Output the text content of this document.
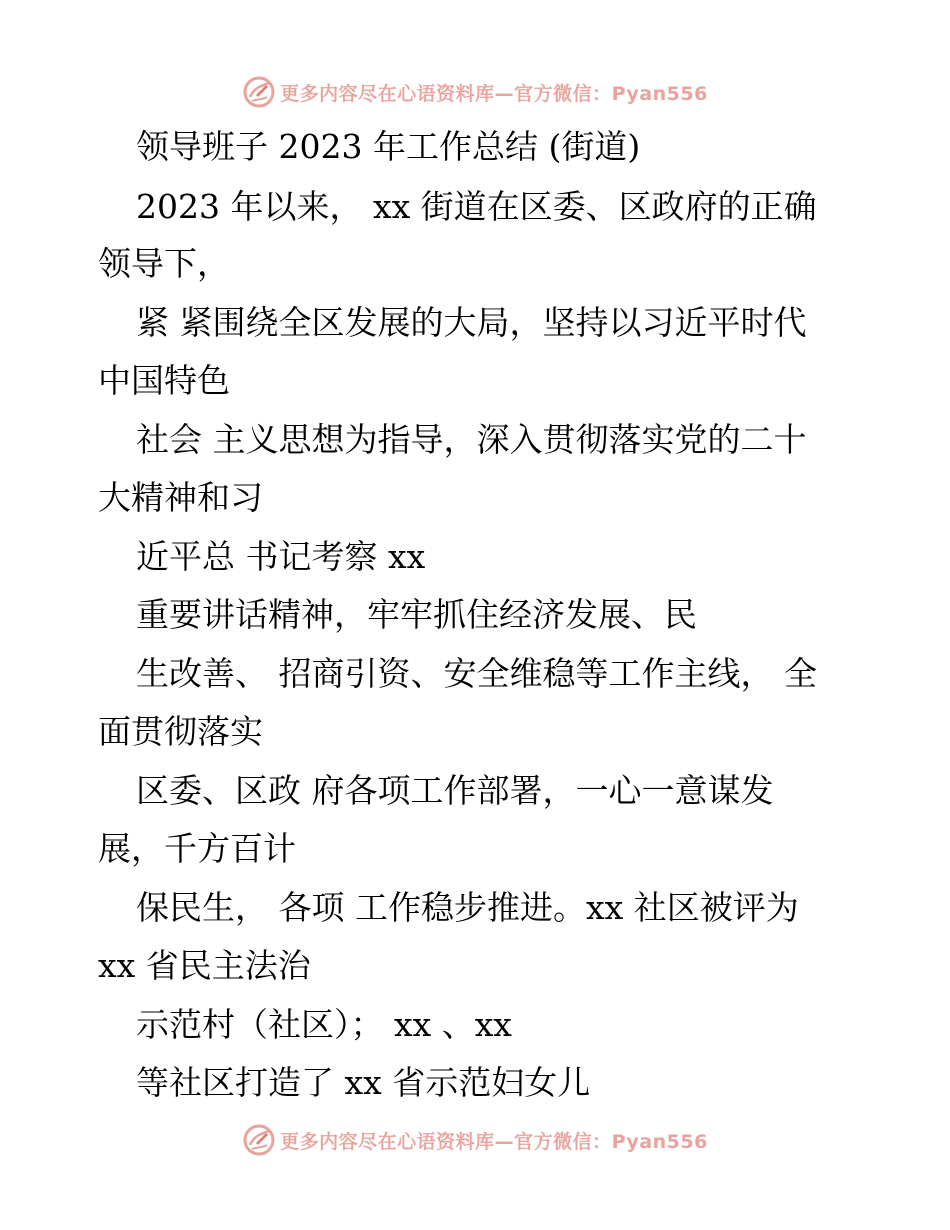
更多内容尽在心语资料库—官方微信：Pyan556
领导班子 2023 年工作总结 (街道)
2023 年以来， xx 街道在区委、区政府的正确
领导下，
紧 紧围绕全区发展的大局，坚持以习近平时代
中国特色
社会 主义思想为指导，深入贯彻落实党的二十
大精神和习
近平总 书记考察 xx
重要讲话精神，牢牢抓住经济发展、民
生改善、 招商引资、安全维稳等工作主线， 全
面贯彻落实
区委、区政 府各项工作部署，一心一意谋发
展，千方百计
保民生， 各项 工作稳步推进。xx 社区被评为
xx 省民主法治
示范村（社区）； xx 、xx
等社区打造了 xx 省示范妇女儿
更多内容尽在心语资料库—官方微信：Pyan556
